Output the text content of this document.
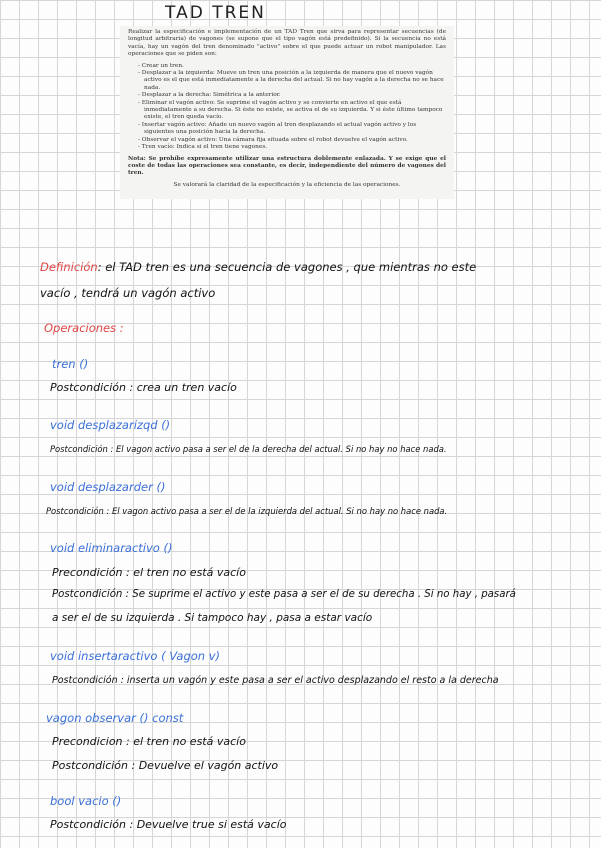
TAD TREN

Realizar la especificación e implementación de un TAD Tren que sirva para representar secuencias (de longitud arbitraria) de vagones (se supone que el tipo vagón está predefinido). Si la secuencia no está vacía, hay un vagón del tren denominado "activo" sobre el que puede actuar un robot manipulador. Las operaciones que se piden son:

- Crear un tren.
- Desplazar a la izquierda: Mueve un tren una posición a la izquierda de manera que el nuevo vagón activo es el que está inmediatamente a la derecha del actual. Si no hay vagón a la derecha no se hace nada.
- Desplazar a la derecha: Simétrica a la anterior.
- Eliminar el vagón activo: Se suprime el vagón activo y se convierte en activo el que está inmediatamente a su derecha. Si éste no existe, se activa el de su izquierda. Y si éste último tampoco existe, el tren queda vacío.
- Insertar vagón activo: Añade un nuevo vagón al tren desplazando el actual vagón activo y los siguientes una posición hacia la derecha.
- Observar el vagón activo: Una cámara fija situada sobre el robot devuelve el vagón activo.
- Tren vacío: Indica si el tren tiene vagones.

Nota: Se prohíbe expresamente utilizar una estructura doblemente enlazada. Y se exige que el coste de todas las operaciones sea constante, es decir, independiente del número de vagones del tren.

Se valorará la claridad de la especificación y la eficiencia de las operaciones.

Definición: el TAD tren es una secuencia de vagones , que mientras no este
vacío , tendrá un vagón activo
Operaciones :
tren ()
Postcondición : crea un tren vacío
void desplazarizqd ()
Postcondición : El vagon activo pasa a ser el de la derecha del actual. Si no hay no hace nada.
void desplazarder ()
Postcondición : El vagon activo pasa a ser el de la izquierda del actual. Si no hay no hace nada.
void eliminaractivo ()
Precondición : el tren no está vacío
Postcondición : Se suprime el activo y este pasa a ser el de su derecha . Si no hay , pasará
a ser el de su izquierda . Si tampoco hay , pasa a estar vacío
void insertaractivo ( Vagon v)
Postcondición : inserta un vagón y este pasa a ser el activo desplazando el resto a la derecha
vagon observar () const
Precondicion : el tren no está vacío
Postcondición : Devuelve el vagón activo
bool vacio ()
Postcondición : Devuelve true si está vacío
